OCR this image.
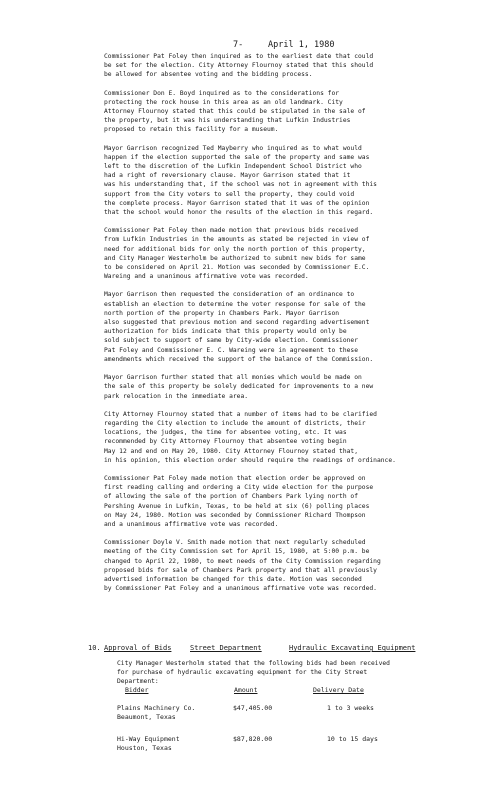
7-	April 1, 1980

Commissioner Pat Foley then inquired as to the earliest date that could
be set for the election. City Attorney Flournoy stated that this should
be allowed for absentee voting and the bidding process.

Commissioner Don E. Boyd inquired as to the considerations for
protecting the rock house in this area as an old landmark. City
Attorney Flournoy stated that this could be stipulated in the sale of
the property, but it was his understanding that Lufkin Industries
proposed to retain this facility for a museum.

Mayor Garrison recognized Ted Mayberry who inquired as to what would
happen if the election supported the sale of the property and same was
left to the discretion of the Lufkin Independent School District who
had a right of reversionary clause. Mayor Garrison stated that it
was his understanding that, if the school was not in agreement with this
support from the City voters to sell the property, they could void
the complete process. Mayor Garrison stated that it was of the opinion
that the school would honor the results of the election in this regard.

Commissioner Pat Foley then made motion that previous bids received
from Lufkin Industries in the amounts as stated be rejected in view of
need for additional bids for only the north portion of this property,
and City Manager Westerholm be authorized to submit new bids for same
to be considered on April 21. Motion was seconded by Commissioner E.C.
Wareing and a unanimous affirmative vote was recorded.

Mayor Garrison then requested the consideration of an ordinance to
establish an election to determine the voter response for sale of the
north portion of the property in Chambers Park. Mayor Garrison
also suggested that previous motion and second regarding advertisement
authorization for bids indicate that this property would only be
sold subject to support of same by City-wide election. Commissioner
Pat Foley and Commissioner E. C. Wareing were in agreement to these
amendments which received the support of the balance of the Commission.

Mayor Garrison further stated that all monies which would be made on
the sale of this property be solely dedicated for improvements to a new
park relocation in the immediate area.

City Attorney Flournoy stated that a number of items had to be clarified
regarding the City election to include the amount of districts, their
locations, the judges, the time for absentee voting, etc. It was
recommended by City Attorney Flournoy that absentee voting begin
May 12 and end on May 20, 1980. City Attorney Flournoy stated that,
in his opinion, this election order should require the readings of ordinance.

Commissioner Pat Foley made motion that election order be approved on
first reading calling and ordering a City wide election for the purpose
of allowing the sale of the portion of Chambers Park lying north of
Pershing Avenue in Lufkin, Texas, to be held at six (6) polling places
on May 24, 1980. Motion was seconded by Commissioner Richard Thompson
and a unanimous affirmative vote was recorded.

Commissioner Doyle V. Smith made motion that next regularly scheduled
meeting of the City Commission set for April 15, 1980, at 5:00 p.m. be
changed to April 22, 1980, to meet needs of the City Commission regarding
proposed bids for sale of Chambers Park property and that all previously
advertised information be changed for this date. Motion was seconded
by Commissioner Pat Foley and a unanimous affirmative vote was recorded.

10. Approval of Bids	Street Department	Hydraulic Excavating Equipment

City Manager Westerholm stated that the following bids had been received
for purchase of hydraulic excavating equipment for the City Street
Department:

Bidder	Amount	Delivery Date
Plains Machinery Co.
Beaumont, Texas
$47,405.00	1 to 3 weeks
Hi-Way Equipment
Houston, Texas
$87,820.00	10 to 15 days
